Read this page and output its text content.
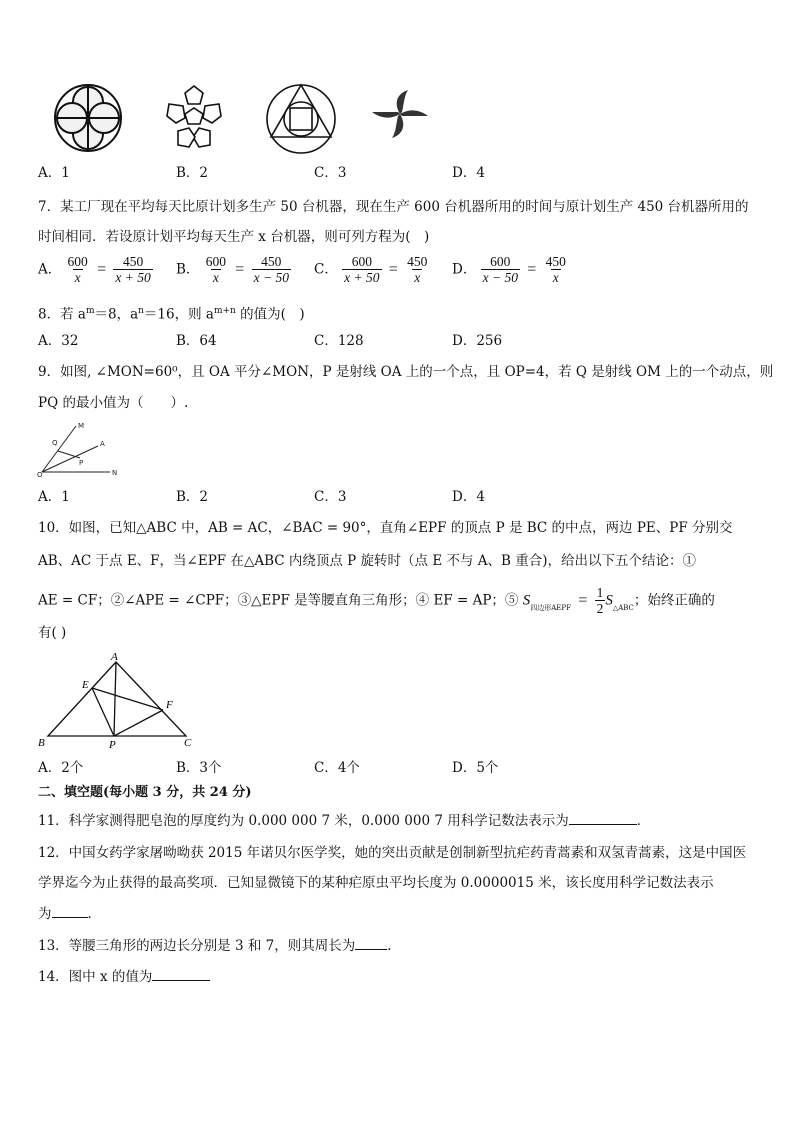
A．1	B．2	C．3	D．4
7．某工厂现在平均每天比原计划多生产 50 台机器，现在生产 600 台机器所用的时间与原计划生产 450 台机器所用的
时间相同．若设原计划平均每天生产 x 台机器，则可列方程为(　)
A． $\frac{600}{x} = \frac{450}{x + 50}$ B． $\frac{600}{x} = \frac{450}{x - 50}$ C． $\frac{600}{x + 50} = \frac{450}{x}$ D． $\frac{600}{x - 50} = \frac{450}{x}$
8．若 $a^m=8$，$a^n=16$，则 $a^{m+n}$ 的值为(　)
A．32	B．64	C．128	D．256
9．如图, ∠MON=60⁰，且 OA 平分∠MON，P 是射线 OA 上的一个点，且 OP=4，若 Q 是射线 OM 上的一个动点，则
PQ 的最小值为（　　）.
M
Q	A
P
O	N
A．1	B．2	C．3	D．4
10．如图，已知△ABC 中，AB = AC，∠BAC = 90°，直角∠EPF 的顶点 P 是 BC 的中点，两边 PE、PF 分别交
AB、AC 于点 E、F，当∠EPF 在△ABC 内绕顶点 P 旋转时（点 E 不与 A、B 重合)，给出以下五个结论：①
AE = CF；②∠APE = ∠CPF；③△EPF 是等腰直角三角形；④ EF = AP；⑤ $S_{四边形AEPF} = \frac{1}{2} S_{\triangle ABC}$；始终正确的
有( )
A
E
F
B	P	C
A．2个	B．3个	C．4个	D．5个
二、填空题(每小题 3 分，共 24 分)
11．科学家测得肥皂泡的厚度约为 0.000 000 7 米，0.000 000 7 用科学记数法表示为	．
12．中国女药学家屠呦呦获 2015 年诺贝尔医学奖，她的突出贡献是创制新型抗疟药青蒿素和双氢青蒿素，这是中国医
学界迄今为止获得的最高奖项．已知显微镜下的某种疟原虫平均长度为 0.0000015 米，该长度用科学记数法表示
为	．
13．等腰三角形的两边长分别是 3 和 7，则其周长为 ．
14．图中 x 的值为
